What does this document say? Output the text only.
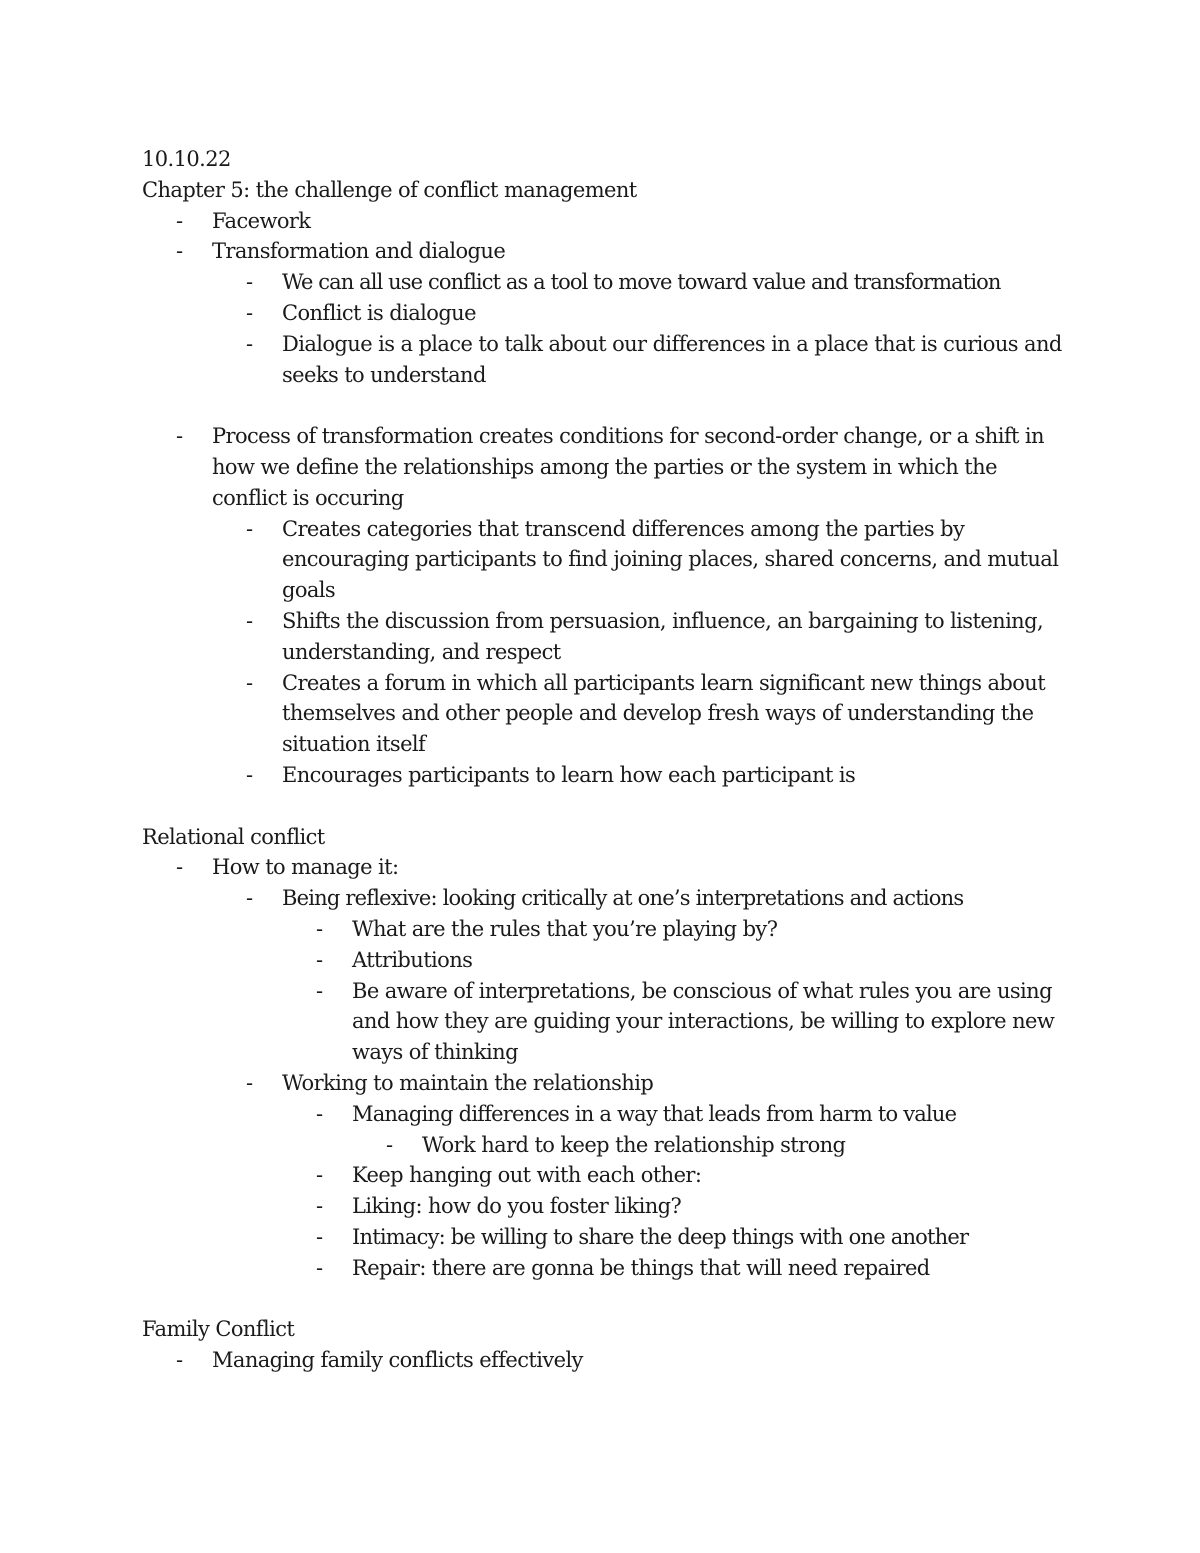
10.10.22

Chapter 5: the challenge of conflict management

-	Facework
-	Transformation and dialogue
-	We can all use conflict as a tool to move toward value and transformation
-	Conflict is dialogue
-	Dialogue is a place to talk about our differences in a place that is curious and seeks to understand
-	Process of transformation creates conditions for second-order change, or a shift in how we define the relationships among the parties or the system in which the conflict is occuring
-	Creates categories that transcend differences among the parties by encouraging participants to find joining places, shared concerns, and mutual goals
-	Shifts the discussion from persuasion, influence, an bargaining to listening, understanding, and respect
-	Creates a forum in which all participants learn significant new things about themselves and other people and develop fresh ways of understanding the situation itself
-	Encourages participants to learn how each participant is

Relational conflict

-	How to manage it:
-	Being reflexive: looking critically at one’s interpretations and actions
-	What are the rules that you’re playing by?
-	Attributions
-	Be aware of interpretations, be conscious of what rules you are using and how they are guiding your interactions, be willing to explore new ways of thinking
-	Working to maintain the relationship
-	Managing differences in a way that leads from harm to value
-	Work hard to keep the relationship strong
-	Keep hanging out with each other:
-	Liking: how do you foster liking?
-	Intimacy: be willing to share the deep things with one another
-	Repair: there are gonna be things that will need repaired

Family Conflict

-	Managing family conflicts effectively
